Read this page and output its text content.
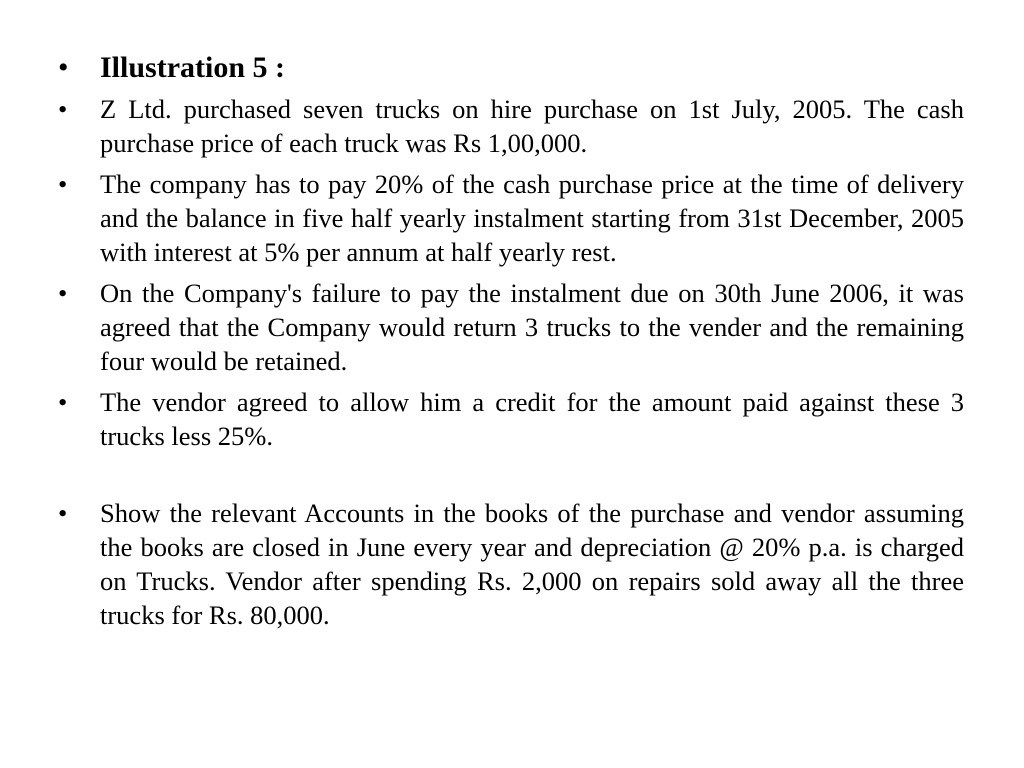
•	Illustration 5 :
•	Z Ltd. purchased seven trucks on hire purchase on 1st July, 2005. The cash purchase price of each truck was Rs 1,00,000.
•	The company has to pay 20% of the cash purchase price at the time of delivery and the balance in five half yearly instalment starting from 31st December, 2005 with interest at 5% per annum at half yearly rest.
•	On the Company's failure to pay the instalment due on 30th June 2006, it was agreed that the Company would return 3 trucks to the vender and the remaining four would be retained.
•	The vendor agreed to allow him a credit for the amount paid against these 3 trucks less 25%.
•	Show the relevant Accounts in the books of the purchase and vendor assuming the books are closed in June every year and depreciation @ 20% p.a. is charged on Trucks. Vendor after spending Rs. 2,000 on repairs sold away all the three trucks for Rs. 80,000.
